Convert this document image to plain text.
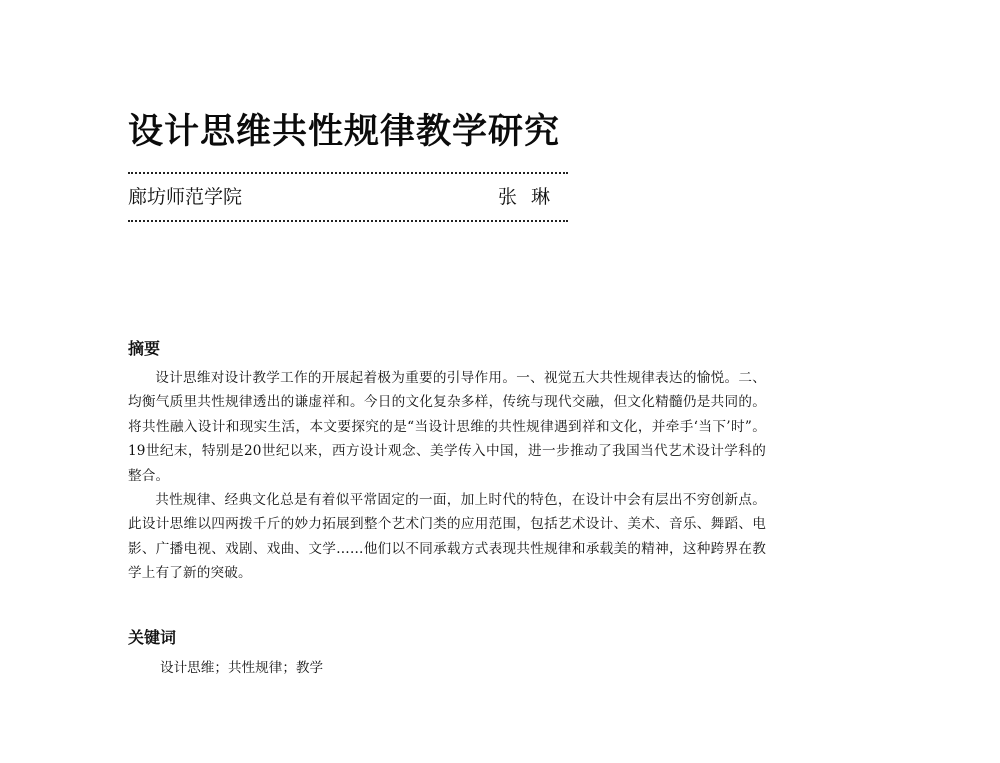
设计思维共性规律教学研究
廊坊师范学院	张琳
摘要

设计思维对设计教学工作的开展起着极为重要的引导作用。一、视觉五大共性规律表达的愉悦。二、均衡气质里共性规律透出的谦虚祥和。今日的文化复杂多样，传统与现代交融，但文化精髓仍是共同的。将共性融入设计和现实生活，本文要探究的是“当设计思维的共性规律遇到祥和文化，并牵手‘当下’时”。19世纪末，特别是20世纪以来，西方设计观念、美学传入中国，进一步推动了我国当代艺术设计学科的整合。

共性规律、经典文化总是有着似平常固定的一面，加上时代的特色，在设计中会有层出不穷创新点。此设计思维以四两拨千斤的妙力拓展到整个艺术门类的应用范围，包括艺术设计、美术、音乐、舞蹈、电影、广播电视、戏剧、戏曲、文学……他们以不同承载方式表现共性规律和承载美的精神，这种跨界在教学上有了新的突破。

关键词
设计思维；共性规律；教学
